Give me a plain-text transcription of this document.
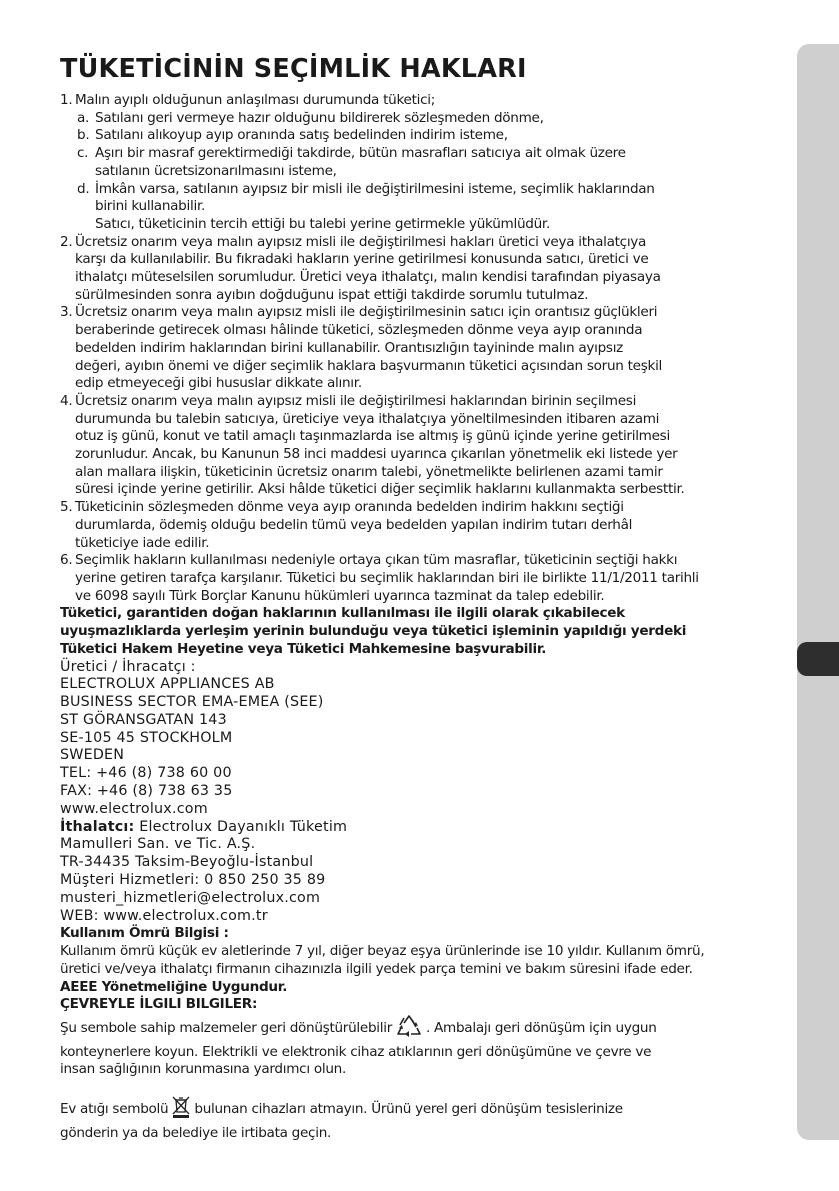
TÜKETİCİNİN SEÇİMLİK HAKLARI
1. Malın ayıplı olduğunun anlaşılması durumunda tüketici;
a. Satılanı geri vermeye hazır olduğunu bildirerek sözleşmeden dönme,
b. Satılanı alıkoyup ayıp oranında satış bedelinden indirim isteme,
c. Aşırı bir masraf gerektirmediği takdirde, bütün masrafları satıcıya ait olmak üzere
satılanın ücretsizonarılmasını isteme,
d. İmkân varsa, satılanın ayıpsız bir misli ile değiştirilmesini isteme, seçimlik haklarından
birini kullanabilir.
Satıcı, tüketicinin tercih ettiği bu talebi yerine getirmekle yükümlüdür.
2. Ücretsiz onarım veya malın ayıpsız misli ile değiştirilmesi hakları üretici veya ithalatçıya
karşı da kullanılabilir. Bu fıkradaki hakların yerine getirilmesi konusunda satıcı, üretici ve
ithalatçı müteselsilen sorumludur. Üretici veya ithalatçı, malın kendisi tarafından piyasaya
sürülmesinden sonra ayıbın doğduğunu ispat ettiği takdirde sorumlu tutulmaz.
3. Ücretsiz onarım veya malın ayıpsız misli ile değiştirilmesinin satıcı için orantısız güçlükleri
beraberinde getirecek olması hâlinde tüketici, sözleşmeden dönme veya ayıp oranında
bedelden indirim haklarından birini kullanabilir. Orantısızlığın tayininde malın ayıpsız
değeri, ayıbın önemi ve diğer seçimlik haklara başvurmanın tüketici açısından sorun teşkil
edip etmeyeceği gibi hususlar dikkate alınır.
4. Ücretsiz onarım veya malın ayıpsız misli ile değiştirilmesi haklarından birinin seçilmesi
durumunda bu talebin satıcıya, üreticiye veya ithalatçıya yöneltilmesinden itibaren azami
otuz iş günü, konut ve tatil amaçlı taşınmazlarda ise altmış iş günü içinde yerine getirilmesi
zorunludur. Ancak, bu Kanunun 58 inci maddesi uyarınca çıkarılan yönetmelik eki listede yer
alan mallara ilişkin, tüketicinin ücretsiz onarım talebi, yönetmelikte belirlenen azami tamir
süresi içinde yerine getirilir. Aksi hâlde tüketici diğer seçimlik haklarını kullanmakta serbesttir.
5. Tüketicinin sözleşmeden dönme veya ayıp oranında bedelden indirim hakkını seçtiği
durumlarda, ödemiş olduğu bedelin tümü veya bedelden yapılan indirim tutarı derhâl
tüketiciye iade edilir.
6. Seçimlik hakların kullanılması nedeniyle ortaya çıkan tüm masraflar, tüketicinin seçtiği hakkı
yerine getiren tarafça karşılanır. Tüketici bu seçimlik haklarından biri ile birlikte 11/1/2011 tarihli
ve 6098 sayılı Türk Borçlar Kanunu hükümleri uyarınca tazminat da talep edebilir.
Tüketici, garantiden doğan haklarının kullanılması ile ilgili olarak çıkabilecek
uyuşmazlıklarda yerleşim yerinin bulunduğu veya tüketici işleminin yapıldığı yerdeki
Tüketici Hakem Heyetine veya Tüketici Mahkemesine başvurabilir.
Üretici / İhracatçı :
ELECTROLUX APPLIANCES AB
BUSINESS SECTOR EMA-EMEA (SEE)
ST GÖRANSGATAN 143
SE-105 45 STOCKHOLM
SWEDEN
TEL: +46 (8) 738 60 00
FAX: +46 (8) 738 63 35
www.electrolux.com
İthalatcı: Electrolux Dayanıklı Tüketim
Mamulleri San. ve Tic. A.Ş.
TR-34435 Taksim-Beyoğlu-İstanbul
Müşteri Hizmetleri: 0 850 250 35 89
musteri_hizmetleri@electrolux.com
WEB: www.electrolux.com.tr
Kullanım Ömrü Bilgisi :
Kullanım ömrü küçük ev aletlerinde 7 yıl, diğer beyaz eşya ürünlerinde ise 10 yıldır. Kullanım ömrü,
üretici ve/veya ithalatçı firmanın cihazınızla ilgili yedek parça temini ve bakım süresini ifade eder.
AEEE Yönetmeliğine Uygundur.
ÇEVREYLE İLGILI BILGILER:
Şu sembole sahip malzemeler geri dönüştürülebilir	. Ambalajı geri dönüşüm için uygun
konteynerlere koyun. Elektrikli ve elektronik cihaz atıklarının geri dönüşümüne ve çevre ve
insan sağlığının korunmasına yardımcı olun.
Ev atığı sembolü bulunan cihazları atmayın. Ürünü yerel geri dönüşüm tesislerinize
gönderin ya da belediye ile irtibata geçin.
